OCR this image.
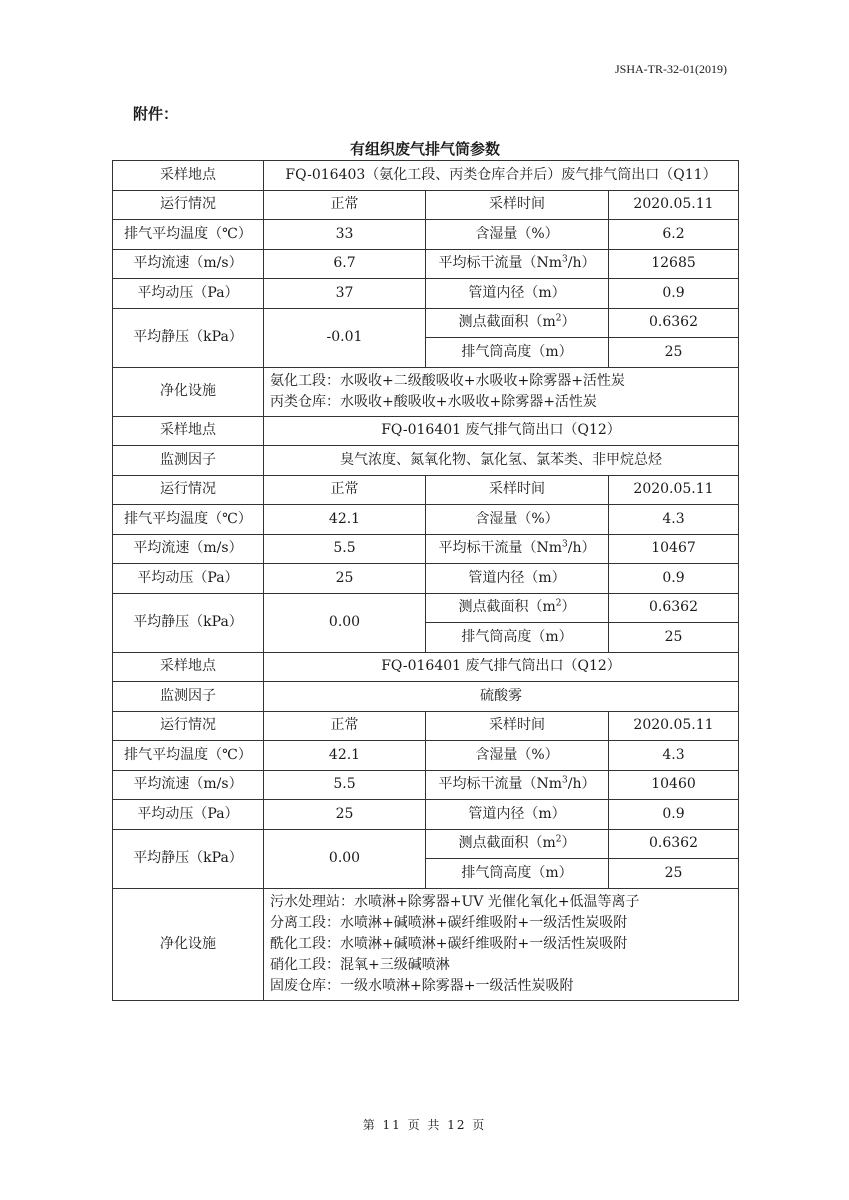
JSHA-TR-32-01(2019)
附件：
有组织废气排气筒参数
采样地点	FQ-016403（氨化工段、丙类仓库合并后）废气排气筒出口（Q11）		
运行情况	正常	采样时间	2020.05.11
排气平均温度（℃）	33	含湿量（%）	6.2
平均流速（m/s）	6.7	平均标干流量（Nm$^3$/h）	12685
平均动压（Pa）	37	管道内径（m）	0.9
平均静压（kPa）	-0.01	测点截面积$(m^2)$	0.6362
		排气筒高度（m）	25
净化设施	氨化工段：水吸收+二级酸吸收+水吸收+除雾器+活性炭
丙类仓库：水吸收+酸吸收+水吸收+除雾器+活性炭		

采样地点	FQ-016401 废气排气筒出口（Q12）		
监测因子	臭气浓度、氮氧化物、氯化氢、氯苯类、非甲烷总烃		
运行情况	正常	采样时间	2020.05.11
排气平均温度（℃）	42.1	含湿量（%）	4.3
平均流速（m/s）	5.5	平均标干流量（Nm$^3$/h）	10467
平均动压（Pa）	25	管道内径（m）	0.9
平均静压（kPa）	0.00	测点截面积$(m^2)$	0.6362
		排气筒高度（m）	25
采样地点	FQ-016401 废气排气筒出口（Q12）		
监测因子	硫酸雾		
运行情况	正常	采样时间	2020.05.11
排气平均温度（℃）	42.1	含湿量（%）	4.3
平均流速（m/s）	5.5	平均标干流量（Nm$^3$/h）	10460
平均动压（Pa）	25	管道内径（m）	0.9
平均静压（kPa）	0.00	测点截面积$(m^2)$	0.6362
		排气筒高度（m）	25
净化设施	污水处理站：水喷淋+除雾器+UV 光催化氧化+低温等离子
分离工段：水喷淋+碱喷淋+碳纤维吸附+一级活性炭吸附
酰化工段：水喷淋+碱喷淋+碳纤维吸附+一级活性炭吸附
硝化工段：混氧+三级碱喷淋
固废仓库：一级水喷淋+除雾器+一级活性炭吸附		
第 11 页 共 12 页
